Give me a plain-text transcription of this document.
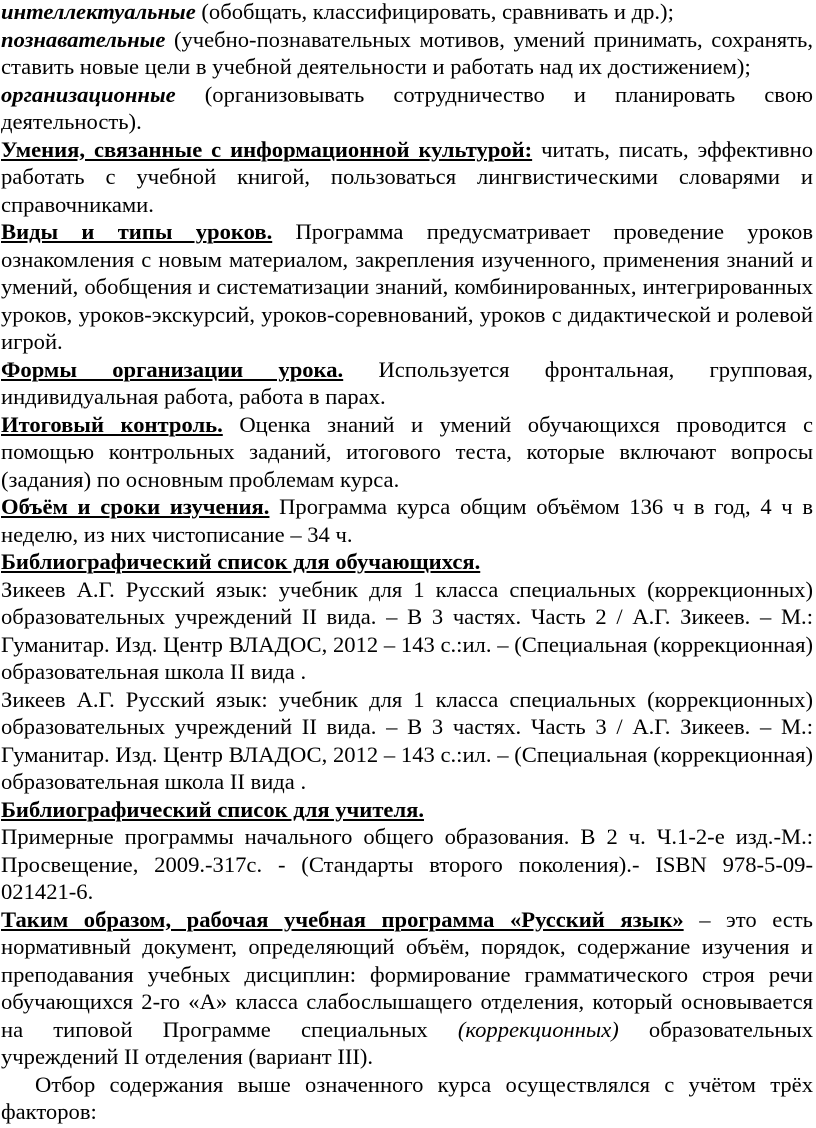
интеллектуальные (обобщать, классифицировать, сравнивать и др.);

познавательные (учебно-познавательных мотивов, умений принимать, сохранять, ставить новые цели в учебной деятельности и работать над их достижением);

организационные (организовывать сотрудничество и планировать свою деятельность).

Умения, связанные с информационной культурой: читать, писать, эффективно работать с учебной книгой, пользоваться лингвистическими словарями и справочниками.

Виды и типы уроков. Программа предусматривает проведение уроков ознакомления с новым материалом, закрепления изученного, применения знаний и умений, обобщения и систематизации знаний, комбинированных, интегрированных уроков, уроков-экскурсий, уроков-соревнований, уроков с дидактической и ролевой игрой.

Формы организации урока. Используется фронтальная, групповая, индивидуальная работа, работа в парах.

Итоговый контроль. Оценка знаний и умений обучающихся проводится с помощью контрольных заданий, итогового теста, которые включают вопросы (задания) по основным проблемам курса.

Объём и сроки изучения. Программа курса общим объёмом 136 ч в год, 4 ч в неделю, из них чистописание – 34 ч.

Библиографический список для обучающихся.

Зикеев А.Г. Русский язык: учебник для 1 класса специальных (коррекционных) образовательных учреждений II вида. – В 3 частях. Часть 2 / А.Г. Зикеев. – М.: Гуманитар. Изд. Центр ВЛАДОС, 2012 – 143 с.:ил. – (Специальная (коррекционная) образовательная школа II вида .

Зикеев А.Г. Русский язык: учебник для 1 класса специальных (коррекционных) образовательных учреждений II вида. – В 3 частях. Часть 3 / А.Г. Зикеев. – М.: Гуманитар. Изд. Центр ВЛАДОС, 2012 – 143 с.:ил. – (Специальная (коррекционная) образовательная школа II вида .

Библиографический список для учителя.

Примерные программы начального общего образования. В 2 ч. Ч.1-2-е изд.-М.: Просвещение, 2009.-317с. - (Стандарты второго поколения).- ISBN 978-5-09-021421-6.

Таким образом, рабочая учебная программа «Русский язык» – это есть нормативный документ, определяющий объём, порядок, содержание изучения и преподавания учебных дисциплин: формирование грамматического строя речи обучающихся 2-го «А» класса слабослышащего отделения, который основывается на типовой Программе специальных (коррекционных) образовательных учреждений II отделения (вариант III).

Отбор содержания выше означенного курса осуществлялся с учётом трёх факторов:
